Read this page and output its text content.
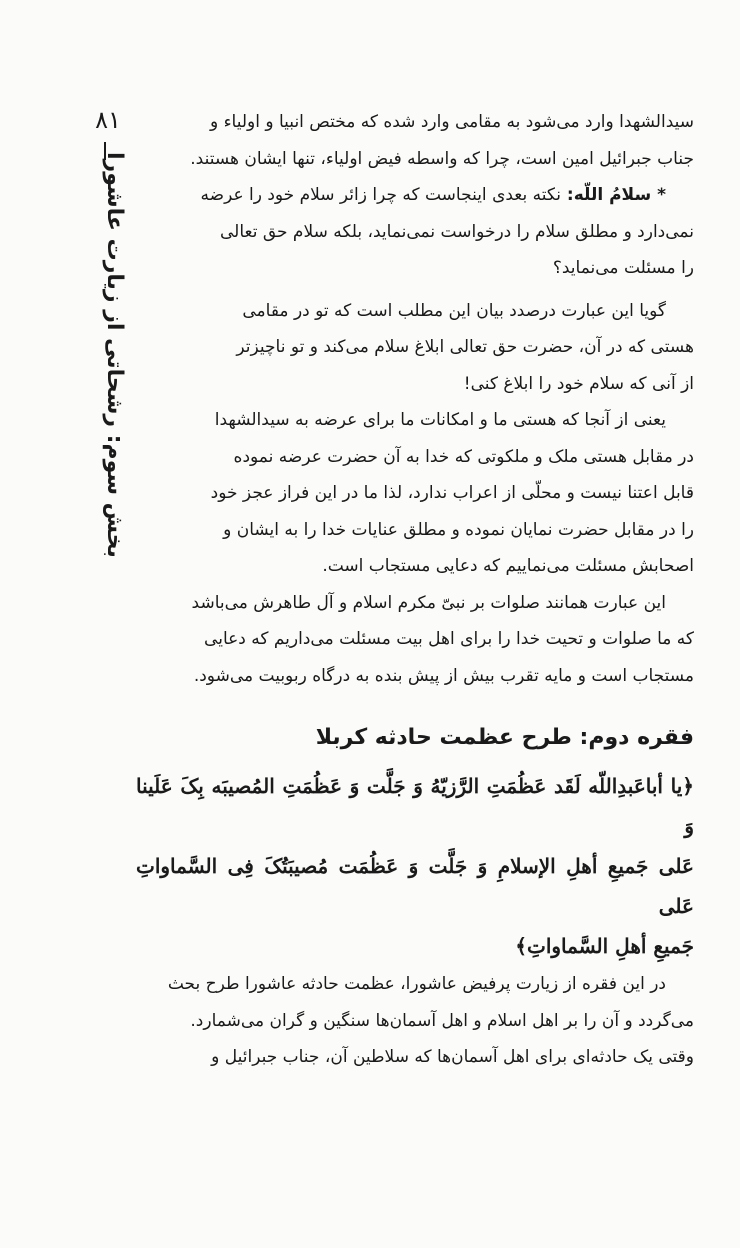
۸۱
بخش سوم: رشحاتی از زیارت عاشورا

سیدالشهدا وارد می‌شود به مقامی وارد شده که مختص انبیا و اولیاء و

جناب جبرائیل امین است، چرا که واسطه فیض اولیاء، تنها ایشان هستند.

* سلامُ اللّه: نکته بعدی اینجاست که چرا زائر سلام خود را عرضه

نمی‌دارد و مطلق سلام را درخواست نمی‌نماید، بلکه سلام حق تعالی

را مسئلت می‌نماید؟

گویا این عبارت درصدد بیان این مطلب است که تو در مقامی

هستی که در آن، حضرت حق تعالی ابلاغ سلام می‌کند و تو ناچیزتر

از آنی که سلام خود را ابلاغ کنی!

یعنی از آنجا که هستی ما و امکانات ما برای عرضه به سیدالشهدا

در مقابل هستی ملک و ملکوتی که خدا به آن حضرت عرضه نموده

قابل اعتنا نیست و محلّی از اعراب ندارد، لذا ما در این فراز عجز خود

را در مقابل حضرت نمایان نموده و مطلق عنایات خدا را به ایشان و

اصحابش مسئلت می‌نماییم که دعایی مستجاب است.

این عبارت همانند صلوات بر نبیّ مکرم اسلام و آل طاهرش می‌باشد

که ما صلوات و تحیت خدا را برای اهل بیت مسئلت می‌داریم که دعایی

مستجاب است و مایه تقرب بیش از پیش بنده به درگاه ربوبیت می‌شود.

فقره دوم: طرح عظمت حادثه کربلا

﴿یا أباعَبدِاللّه لَقَد عَظُمَتِ الرَّزیّهُ وَ جَلَّت وَ عَظُمَتِ المُصیبَه بِکَ عَلَینا وَ

عَلی جَمیعِ أهلِ الإسلامِ وَ جَلَّت وَ عَظُمَت مُصیبَتُکَ فِی السَّماواتِ عَلی

جَمیعِ أهلِ السَّماواتِ﴾

در این فقره از زیارت پرفیض عاشورا، عظمت حادثه عاشورا طرح بحث

می‌گردد و آن را بر اهل اسلام و اهل آسمان‌ها سنگین و گران می‌شمارد.

وقتی یک حادثه‌ای برای اهل آسمان‌ها که سلاطین آن، جناب جبرائیل و
